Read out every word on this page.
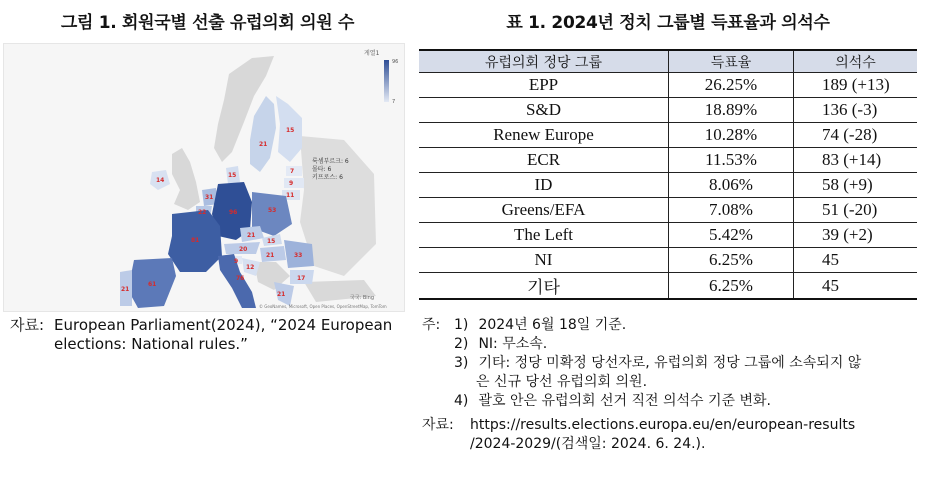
그림 1. 회원국별 선출 유럽의회 의원 수	표 1. 2024년 정치 그룹별 득표율과 의석수
96
81
76
61
53
33
31
21
21
21
21
22
21
20
17
15
15
15
14
12
11
9
9
7
게열1
96
7
룩셈부르크: 6
몰타: 6
키프로스: 6
국국: Bing
© GeoNames, Microsoft, Open Places, OpenStreetMap, TomTom
자료: European Parliament(2024), “2024 European elections: National rules.”
유럽의회 정당 그룹	득표율	의석수
EPP	26.25%	189 (+13)
S&D	18.89%	136 (-3)
Renew Europe	10.28%	74 (-28)
ECR	11.53%	83 (+14)
ID	8.06%	58 (+9)
Greens/EFA	7.08%	51 (-20)
The Left	5.42%	39 (+2)
NI	6.25%	45
기타	6.25%	45
주: 1) 2024년 6월 18일 기준.
2) NI: 무소속.
3) 기타: 정당 미확정 당선자로, 유럽의회 정당 그룹에 소속되지 않
은 신규 당선 유럽의회 의원.
4) 괄호 안은 유럽의회 선거 직전 의석수 기준 변화.
자료: https://results.elections.europa.eu/en/european-results
/2024-2029/(검색일: 2024. 6. 24.).
